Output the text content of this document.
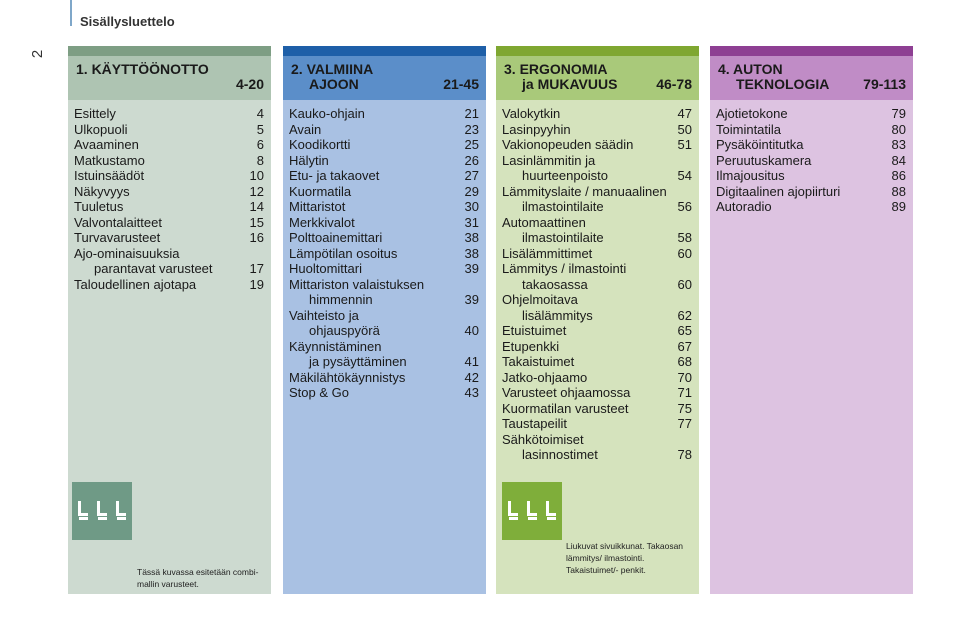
2
Sisällysluettelo
1. KÄYTTÖÖNOTTO
4-20
Esittely	4
Ulkopuoli	5
Avaaminen	6
Matkustamo	8
Istuinsäädöt	10
Näkyvyys	12
Tuuletus	14
Valvontalaitteet	15
Turvavarusteet	16
Ajo-ominaisuuksia
parantavat varusteet	17
Taloudellinen ajotapa	19
2. VALMIINA
AJOON	21-45
Kauko-ohjain	21
Avain	23
Koodikortti	25
Hälytin	26
Etu- ja takaovet	27
Kuormatila	29
Mittaristot	30
Merkkivalot	31
Polttoainemittari	38
Lämpötilan osoitus	38
Huoltomittari	39
Mittariston valaistuksen
himmennin	39
Vaihteisto ja
ohjauspyörä	40
Käynnistäminen
ja pysäyttäminen	41
Mäkilähtökäynnistys	42
Stop & Go	43
3. ERGONOMIA
ja MUKAVUUS	46-78
Valokytkin	47
Lasinpyyhin	50
Vakionopeuden säädin	51
Lasinlämmitin ja
huurteenpoisto	54
Lämmityslaite / manuaalinen
ilmastointilaite	56
Automaattinen
ilmastointilaite	58
Lisälämmittimet	60
Lämmitys / ilmastointi
takaosassa	60
Ohjelmoitava
lisälämmitys	62
Etuistuimet	65
Etupenkki	67
Takaistuimet	68
Jatko-ohjaamo	70
Varusteet ohjaamossa	71
Kuormatilan varusteet	75
Taustapeilit	77
Sähkötoimiset
lasinnostimet	78
4. AUTON
TEKNOLOGIA 79-113
Ajotietokone	79
Toimintatila	80
Pysäköintitutka	83
Peruutuskamera	84
Ilmajousitus	86
Digitaalinen ajopiirturi	88
Autoradio	89
Tässä kuvassa esitetään combi-mallin varusteet.
Liukuvat sivuikkunat. Takaosan lämmitys/ ilmastointi. Takaistuimet/- penkit.
